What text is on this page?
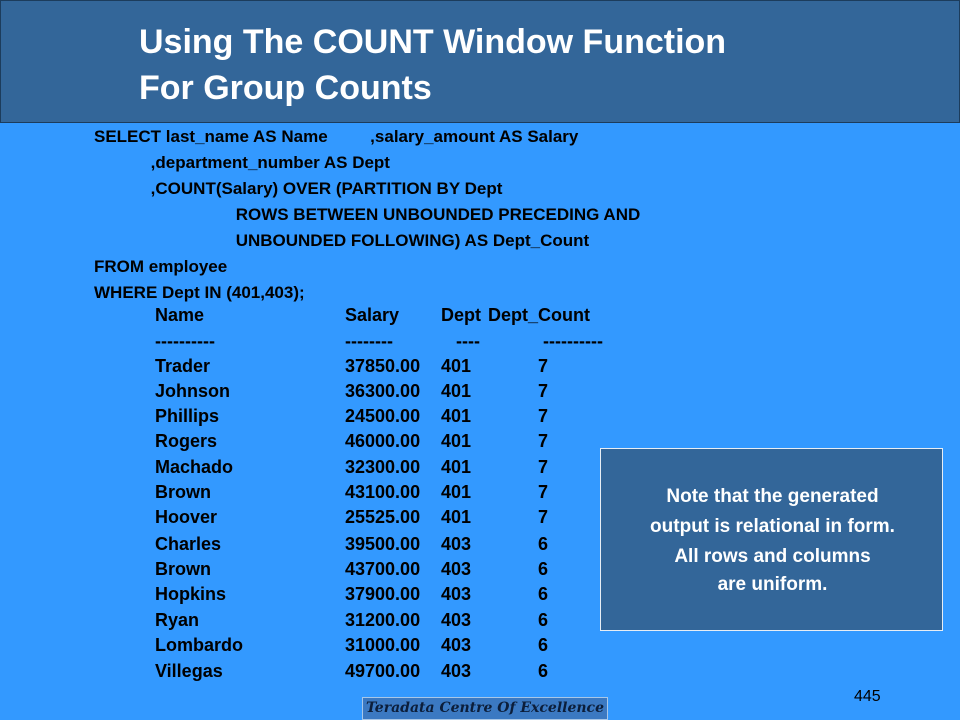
Using The COUNT Window Function
For Group Counts
SELECT last_name AS Name         ,salary_amount AS Salary
,department_number AS Dept
,COUNT(Salary) OVER (PARTITION BY Dept
ROWS BETWEEN UNBOUNDED PRECEDING AND
UNBOUNDED FOLLOWING) AS Dept_Count
FROM employee
WHERE Dept IN (401,403);
Name	Salary Dept Dept_Count
----------	--------	----	----------
Trader	37850.00 401	7
Johnson	36300.00 401	7
Phillips	24500.00 401	7
Rogers	46000.00 401	7
Machado	32300.00 401	7
Brown	43100.00 401	7
Hoover	25525.00 401	7
Charles	39500.00 403	6
Brown	43700.00 403	6
Hopkins	37900.00 403	6
Ryan	31200.00 403	6
Lombardo	31000.00 403	6
Villegas	49700.00 403	6
Note that the generated
output is relational in form.
All rows and columns
are uniform.
Teradata Centre Of Excellence
445
